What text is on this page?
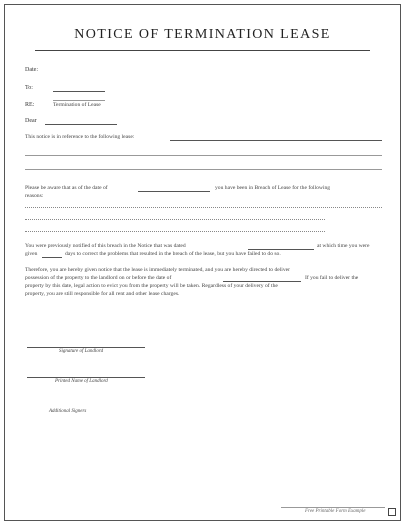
NOTICE OF TERMINATION LEASE
Date:
To:
RE:	Termination of Lease
Dear
This notice is in reference to the following lease:
Please be aware that as of the date of	you have been in Breach of Lease for the following
reasons:
You were previously notified of this breach in the Notice that was dated	at which time you were
given	days to correct the problems that resulted in the breach of the lease, but you have failed to do so.
Therefore, you are hereby given notice that the lease is immediately terminated, and you are hereby directed to deliver
possession of the property to the landlord on or before the date of	If you fail to deliver the
property by this date, legal action to evict you from the property will be taken. Regardless of your delivery of the
property, you are still responsible for all rent and other lease charges.
Signature of Landlord
Printed Name of Landlord
Additional Signers
Free Printable Form Example
